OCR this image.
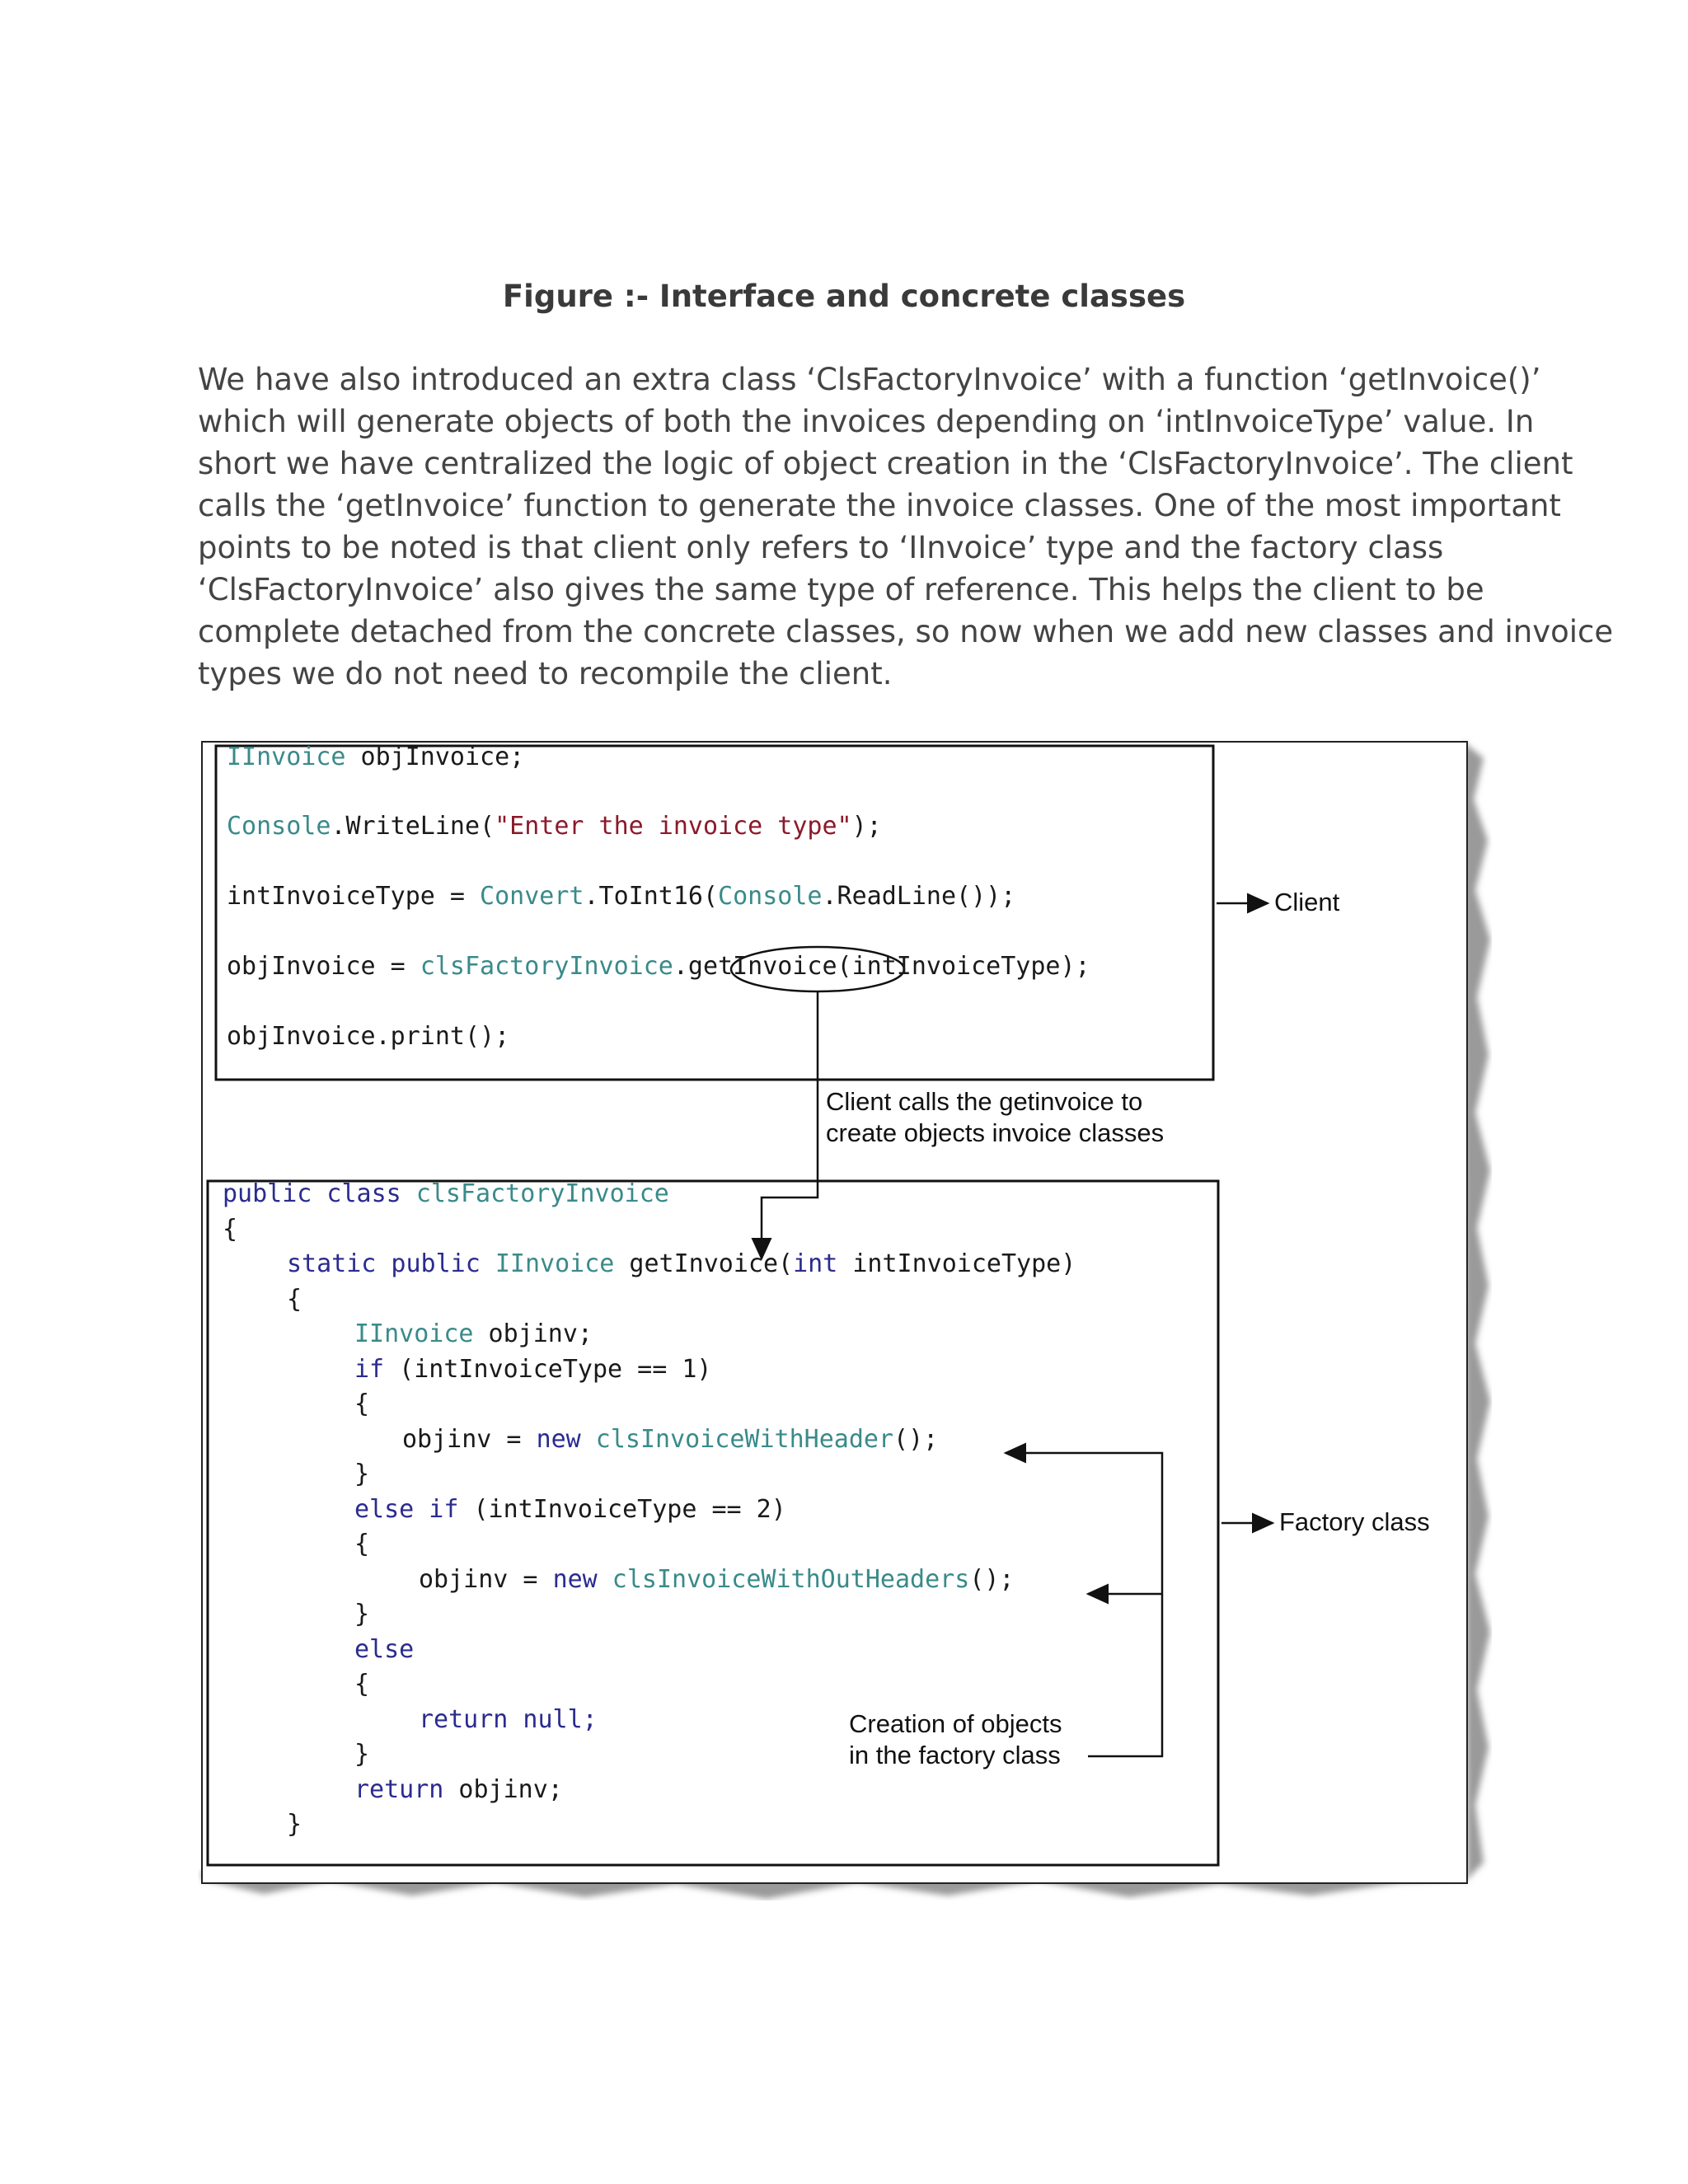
Figure :- Interface and concrete classes
We have also introduced an extra class ‘ClsFactoryInvoice’ with a function ‘getInvoice()’
which will generate objects of both the invoices depending on ‘intInvoiceType’ value. In
short we have centralized the logic of object creation in the ‘ClsFactoryInvoice’. The client
calls the ‘getInvoice’ function to generate the invoice classes. One of the most important
points to be noted is that client only refers to ‘IInvoice’ type and the factory class
‘ClsFactoryInvoice’ also gives the same type of reference. This helps the client to be
complete detached from the concrete classes, so now when we add new classes and invoice
types we do not need to recompile the client.
IInvoice objInvoice;
Console.WriteLine("Enter the invoice type");
intInvoiceType = Convert.ToInt16(Console.ReadLine());
objInvoice = clsFactoryInvoice.getInvoice(intInvoiceType);
objInvoice.print();
public class clsFactoryInvoice
{
static public IInvoice getInvoice(int intInvoiceType)
{
IInvoice objinv;
if (intInvoiceType == 1)
{
objinv = new clsInvoiceWithHeader();
}
else if (intInvoiceType == 2)
{
objinv = new clsInvoiceWithOutHeaders();
}
else
{
return null;
}
return objinv;
}
Client
Client calls the getinvoice to
create objects invoice classes
Factory class
Creation of objects
in the factory class
